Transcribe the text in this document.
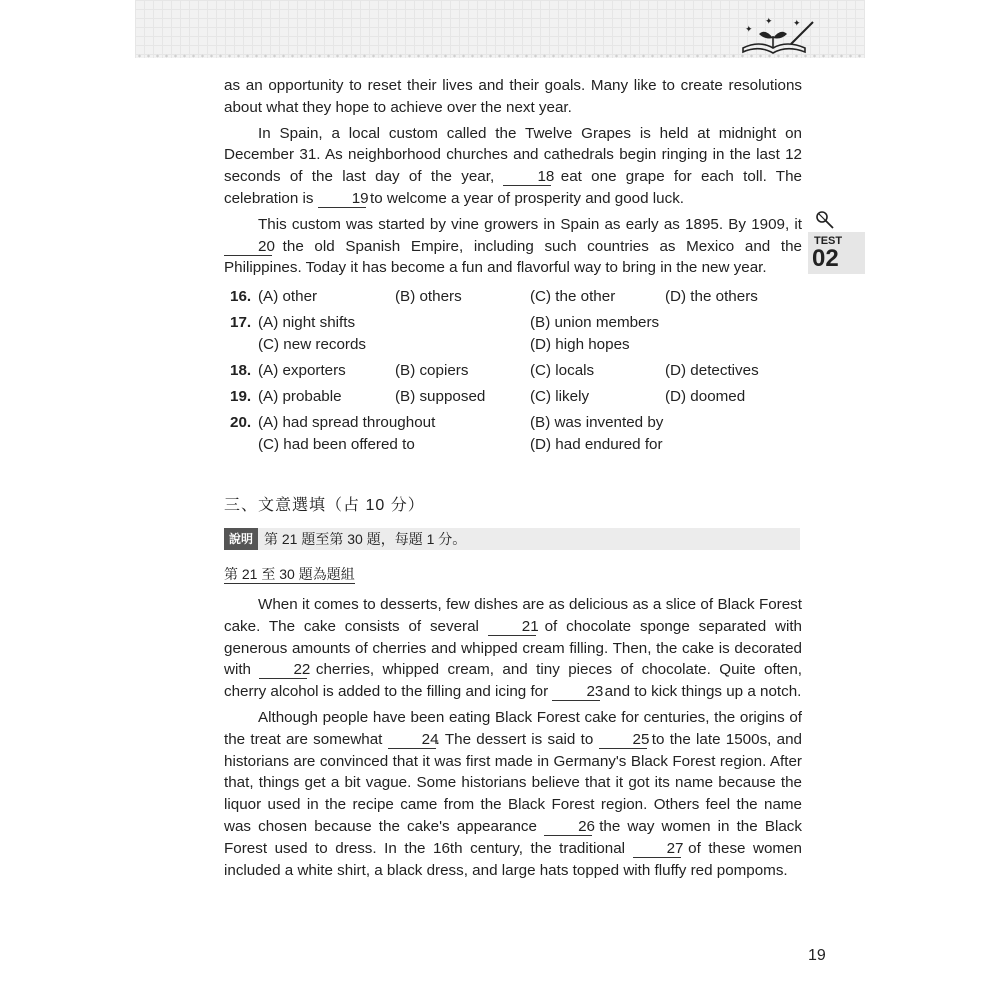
✦
✦ ✦

as an opportunity to reset their lives and their goals. Many like to create resolutions about what they hope to achieve over the next year.

In Spain, a local custom called the Twelve Grapes is held at midnight on December 31. As neighborhood churches and cathedrals begin ringing in the last 12 seconds of the last day of the year,	18 eat one grape for each toll. The celebration is	19 to welcome a year of prosperity and good luck.

This custom was started by vine growers in Spain as early as 1895. By 1909, it 20 the old Spanish Empire, including such countries as Mexico and the Philippines. Today it has become a fun and flavorful way to bring in the new year.

TEST
02
16. (A) other	(B) others	(C) the other	(D) the others
17. (A) night shifts	(B) union members
(C) new records	(D) high hopes
18. (A) exporters	(B) copiers	(C) locals	(D) detectives
19. (A) probable	(B) supposed	(C) likely	(D) doomed
20. (A) had spread throughout	(B) was invented by
(C) had been offered to	(D) had endured for
三、文意選填（占 10 分）
說明 第 21 題至第 30 題，每題 1 分。
第 21 至 30 題為題組

When it comes to desserts, few dishes are as delicious as a slice of Black Forest cake. The cake consists of several	21 of chocolate sponge separated with generous amounts of cherries and whipped cream filling. Then, the cake is decorated with	22 cherries, whipped cream, and tiny pieces of chocolate. Quite often, cherry alcohol is added to the filling and icing for	23 and to kick things up a notch.

Although people have been eating Black Forest cake for centuries, the origins of the treat are somewhat	24. The dessert is said to	25 to the late 1500s, and historians are convinced that it was first made in Germany's Black Forest region. After that, things get a bit vague. Some historians believe that it got its name because the liquor used in the recipe came from the Black Forest region. Others feel the name was chosen because the cake's appearance	26 the way women in the Black Forest used to dress. In the 16th century, the traditional	27 of these women included a white shirt, a black dress, and large hats topped with fluffy red pompoms.

19
